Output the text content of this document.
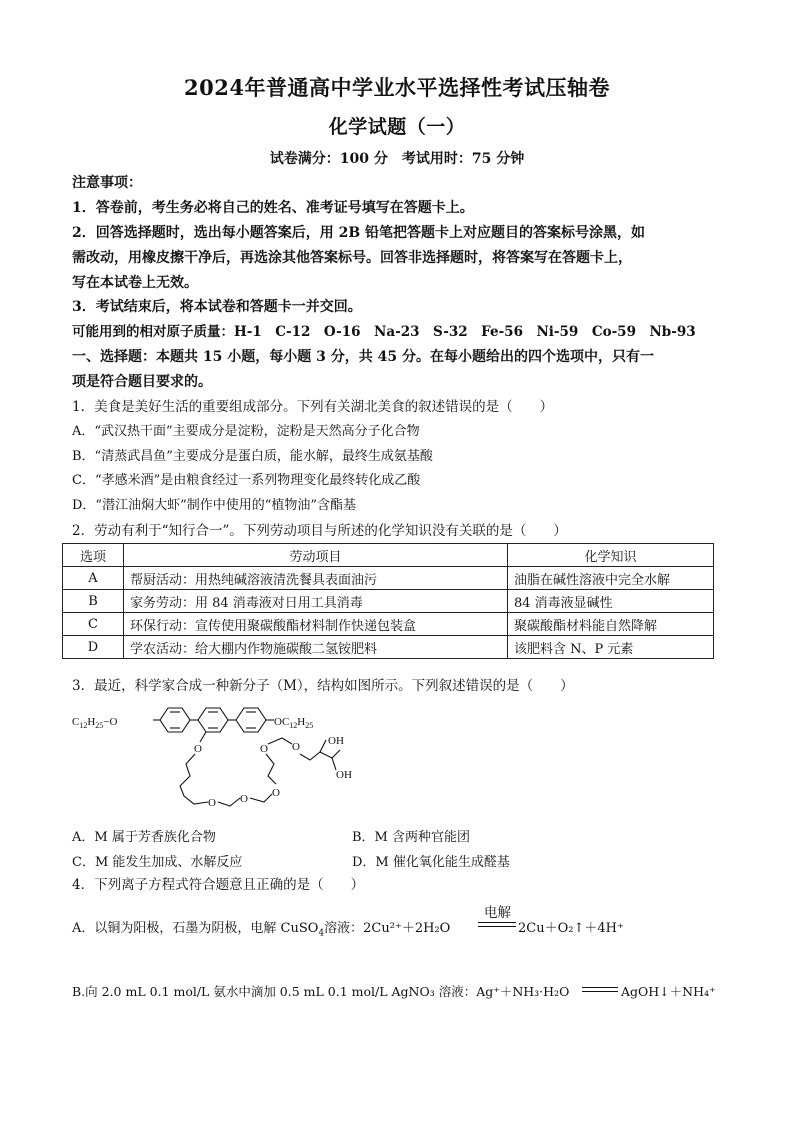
2024年普通高中学业水平选择性考试压轴卷
化学试题（一）
试卷满分：100 分　考试用时：75 分钟
注意事项：
1．答卷前，考生务必将自己的姓名、准考证号填写在答题卡上。
2．回答选择题时，选出每小题答案后，用 2B 铅笔把答题卡上对应题目的答案标号涂黑，如
需改动，用橡皮擦干净后，再选涂其他答案标号。回答非选择题时，将答案写在答题卡上，
写在本试卷上无效。
3．考试结束后，将本试卷和答题卡一并交回。
可能用到的相对原子质量：H-1　C-12　O-16　Na-23　S-32　Fe-56　Ni-59　Co-59　Nb-93
一、选择题：本题共 15 小题，每小题 3 分，共 45 分。在每小题给出的四个选项中，只有一
项是符合题目要求的。
1．美食是美好生活的重要组成部分。下列有关湖北美食的叙述错误的是（　　）
A．“武汉热干面”主要成分是淀粉，淀粉是天然高分子化合物
B．“清蒸武昌鱼”主要成分是蛋白质，能水解，最终生成氨基酸
C．“孝感米酒”是由粮食经过一系列物理变化最终转化成乙酸
D．“潜江油焖大虾”制作中使用的“植物油”含酯基
2．劳动有利于“知行合一”。下列劳动项目与所述的化学知识没有关联的是（　　）
选项	劳动项目	化学知识
A	帮厨活动：用热纯碱溶液清洗餐具表面油污	油脂在碱性溶液中完全水解
B	家务劳动：用 84 消毒液对日用工具消毒	84 消毒液显碱性
C	环保行动：宣传使用聚碳酸酯材料制作快递包装盒	聚碳酸酯材料能自然降解
D	学农活动：给大棚内作物施碳酸二氢铵肥料	该肥料含 N、P 元素
3．最近，科学家合成一种新分子（M），结构如图所示。下列叙述错误的是（　　）
$C_{12}H_{25}-O$	$OC_{12}H_{25}$
O
O O O
O O	OH
OH
A．M 属于芳香族化合物	B．M 含两种官能团
C．M 能发生加成、水解反应	D．M 催化氧化能生成醛基
4．下列离子方程式符合题意且正确的是（　　）
A．以铜为阳极，石墨为阴极，电解 CuSO$_4$溶液：2Cu²⁺＋2H₂O
电解
2Cu＋O₂↑＋4H⁺
B.向 2.0 mL 0.1 mol/L 氨水中滴加 0.5 mL 0.1 mol/L AgNO₃ 溶液：Ag⁺＋NH₃·H₂O	AgOH↓＋NH₄⁺
